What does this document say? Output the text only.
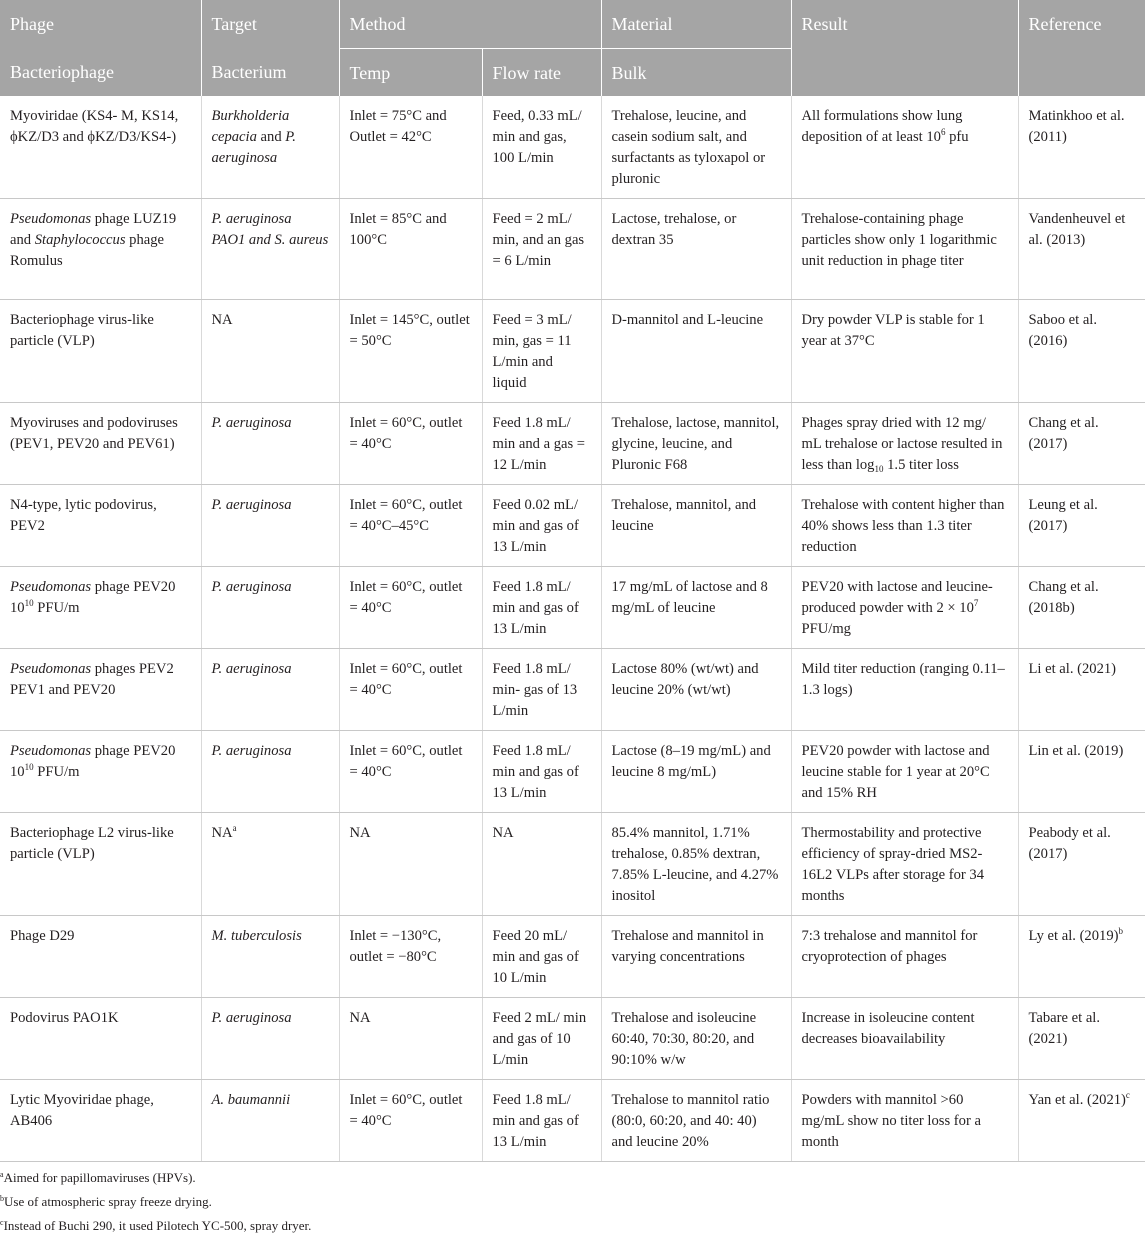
Phage	Target	Method		Material	Result	Reference
Bacteriophage	Bacterium	Temp	Flow rate	Bulk		
Myoviridae (KS4- M, KS14, ϕKZ/D3 and ϕKZ/D3/KS4-)	Burkholderia cepacia and P. aeruginosa	Inlet = 75°C and Outlet = 42°C	Feed, 0.33 mL/ min and gas, 100 L/min	Trehalose, leucine, and casein sodium salt, and surfactants as tyloxapol or pluronic	All formulations show lung deposition of at least $10^6$ pfu	Matinkhoo et al. (2011)
Pseudomonas phage LUZ19 and Staphylococcus phage Romulus	P. aeruginosa PAO1 and S. aureus	Inlet = 85°C and 100°C	Feed = 2 mL/ min, and an gas = 6 L/min	Lactose, trehalose, or dextran 35	Trehalose-containing phage particles show only 1 logarithmic unit reduction in phage titer	Vandenheuvel et al. (2013)
Bacteriophage virus-like particle (VLP)	NA	Inlet = 145°C, outlet = 50°C	Feed = 3 mL/ min, gas = 11 L/min and liquid	D-mannitol and L-leucine	Dry powder VLP is stable for 1 year at 37°C	Saboo et al. (2016)
Myoviruses and podoviruses (PEV1, PEV20 and PEV61)	P. aeruginosa	Inlet = 60°C, outlet = 40°C	Feed 1.8 mL/ min and a gas = 12 L/min	Trehalose, lactose, mannitol, glycine, leucine, and Pluronic F68	Phages spray dried with 12 mg/ mL trehalose or lactose resulted in less than $\log_{10} 1.5$ titer loss	Chang et al. (2017)
N4-type, lytic podovirus, PEV2	P. aeruginosa	Inlet = 60°C, outlet = 40°C–45°C	Feed 0.02 mL/ min and gas of 13 L/min	Trehalose, mannitol, and leucine	Trehalose with content higher than 40% shows less than 1.3 titer reduction	Leung et al. (2017)
Pseudomonas phage PEV20 $10^{10}$ PFU/m	P. aeruginosa	Inlet = 60°C, outlet = 40°C	Feed 1.8 mL/ min and gas of 13 L/min	17 mg/mL of lactose and 8 mg/mL of leucine	PEV20 with lactose and leucine-produced powder with $2 \times 10^7$ PFU/mg	Chang et al. (2018b)
Pseudomonas phages PEV2 PEV1 and PEV20	P. aeruginosa	Inlet = 60°C, outlet = 40°C	Feed 1.8 mL/ min- gas of 13 L/min	Lactose 80% (wt/wt) and leucine 20% (wt/wt)	Mild titer reduction (ranging 0.11–1.3 logs)	Li et al. (2021)
Pseudomonas phage PEV20 $10^{10}$ PFU/m	P. aeruginosa	Inlet = 60°C, outlet = 40°C	Feed 1.8 mL/ min and gas of 13 L/min	Lactose (8–19 mg/mL) and leucine 8 mg/mL)	PEV20 powder with lactose and leucine stable for 1 year at 20°C and 15% RH	Lin et al. (2019)
Bacteriophage L2 virus-like particle (VLP)	$NA^a$	NA	NA	85.4% mannitol, 1.71% trehalose, 0.85% dextran, 7.85% L-leucine, and 4.27% inositol	Thermostability and protective efficiency of spray-dried MS2-16L2 VLPs after storage for 34 months	Peabody et al. (2017)
Phage D29	M. tuberculosis	Inlet = −130°C, outlet = −80°C	Feed 20 mL/ min and gas of 10 L/min	Trehalose and mannitol in varying concentrations	7:3 trehalose and mannitol for cryoprotection of phages	Ly et al. $(2019)^b$
Podovirus PAO1K	P. aeruginosa	NA	Feed 2 mL/ min and gas of 10 L/min	Trehalose and isoleucine 60:40, 70:30, 80:20, and 90:10% w/w	Increase in isoleucine content decreases bioavailability	Tabare et al. (2021)
Lytic Myoviridae phage, AB406	A. baumannii	Inlet = 60°C, outlet = 40°C	Feed 1.8 mL/ min and gas of 13 L/min	Trehalose to mannitol ratio (80:0, 60:20, and 40: 40) and leucine 20%	Powders with mannitol >60 mg/mL show no titer loss for a month	Yan et al. $(2021)^c$
$^a$Aimed for papillomaviruses (HPVs).
$^b$Use of atmospheric spray freeze drying.
$^c$Instead of Buchi 290, it used Pilotech YC-500, spray dryer.
